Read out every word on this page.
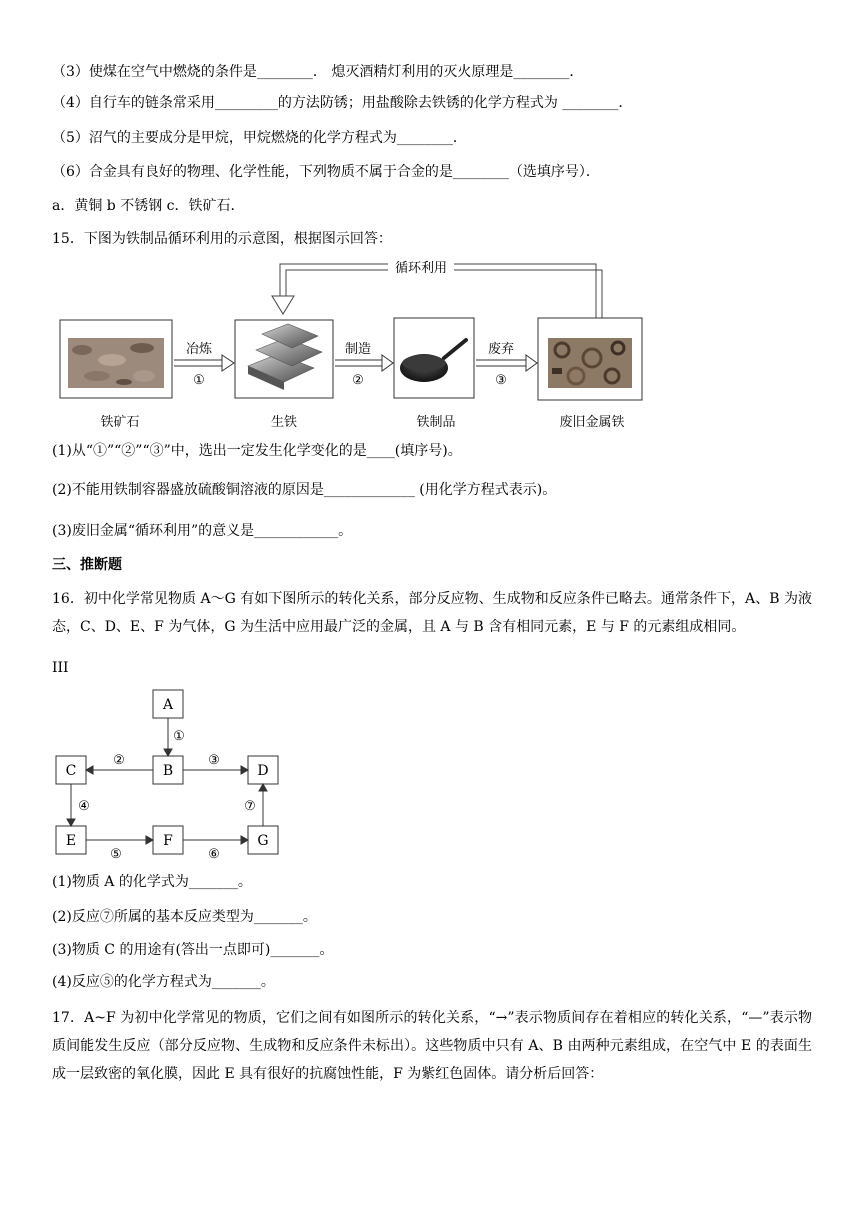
（3）使煤在空气中燃烧的条件是________． 熄灭酒精灯利用的灭火原理是________．
（4）自行车的链条常采用_________的方法防锈；用盐酸除去铁锈的化学方程式为 ________．
（5）沼气的主要成分是甲烷，甲烷燃烧的化学方程式为________．
（6）合金具有良好的物理、化学性能，下列物质不属于合金的是________（选填序号）．
a．黄铜 b 不锈钢 c．铁矿石．
15．下图为铁制品循环利用的示意图，根据图示回答：
循环利用
冶炼
①
制造
②
废弃
③
铁矿石	生铁	铁制品	废旧金属铁
(1)从“①”“②”“③”中，选出一定发生化学变化的是____(填序号)。
(2)不能用铁制容器盛放硫酸铜溶液的原因是_____________ (用化学方程式表示)。
(3)废旧金属“循环利用”的意义是____________。
三、推断题
16．初中化学常见物质 A～G 有如下图所示的转化关系，部分反应物、生成物和反应条件已略去。通常条件下，A、B 为液态，C、D、E、F 为气体，G 为生活中应用最广泛的金属，且 A 与 B 含有相同元素，E 与 F 的元素组成相同。
III
A
B
C	D
E	F	G
①
②	③
④
⑤	⑥
⑦
(1)物质 A 的化学式为_______。
(2)反应⑦所属的基本反应类型为_______。
(3)物质 C 的用途有(答出一点即可)_______。
(4)反应⑤的化学方程式为_______。
17．A~F 为初中化学常见的物质，它们之间有如图所示的转化关系，“→”表示物质间存在着相应的转化关系，“—”表示物质间能发生反应（部分反应物、生成物和反应条件未标出）。这些物质中只有 A、B 由两种元素组成，在空气中 E 的表面生成一层致密的氧化膜，因此 E 具有很好的抗腐蚀性能，F 为紫红色固体。请分析后回答：
